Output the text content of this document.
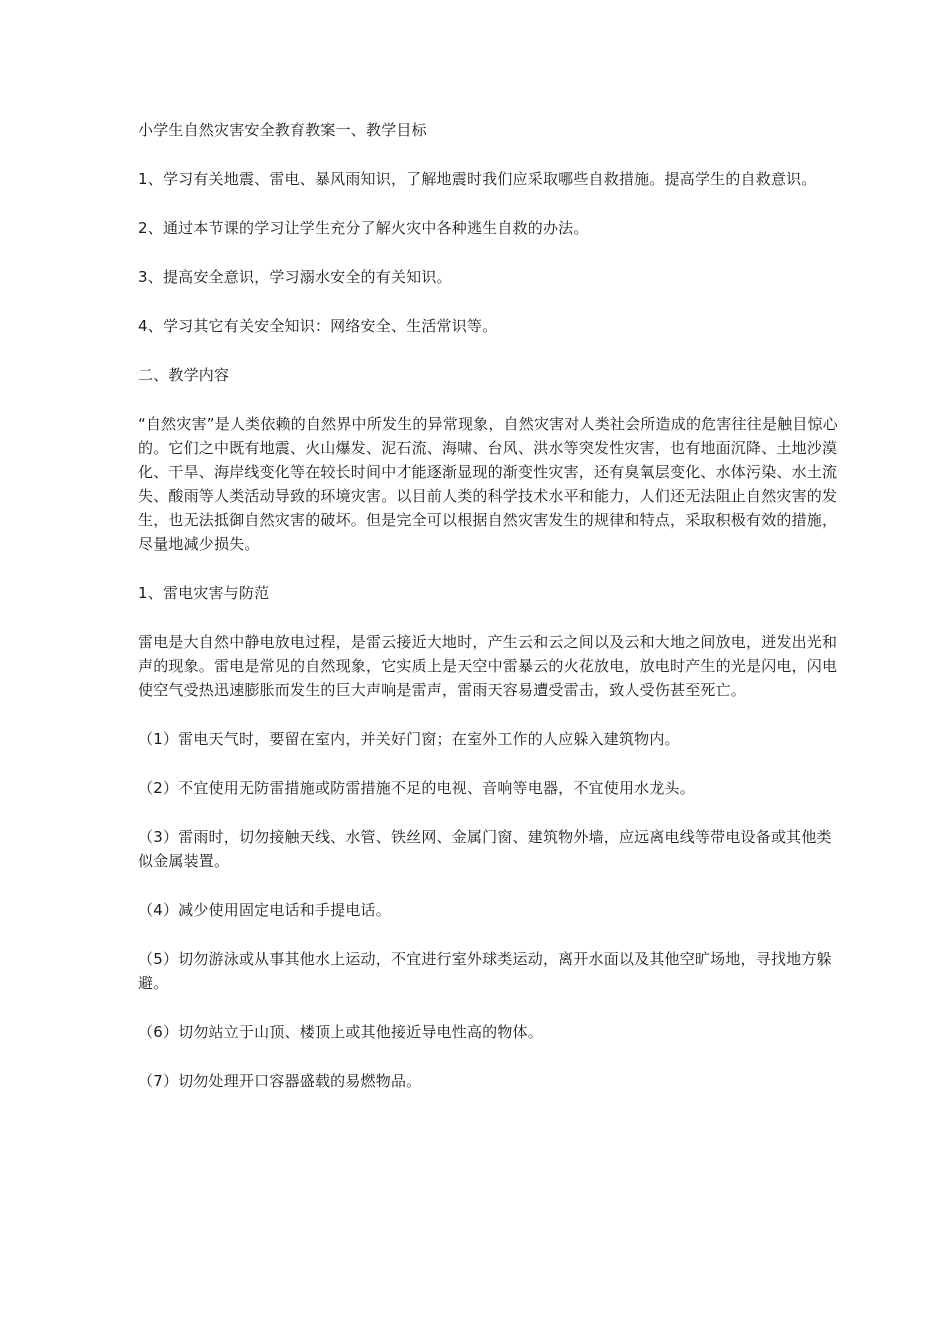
小学生自然灾害安全教育教案一、教学目标

1、学习有关地震、雷电、暴风雨知识，了解地震时我们应采取哪些自救措施。提高学生的自救意识。

2、通过本节课的学习让学生充分了解火灾中各种逃生自救的办法。

3、提高安全意识，学习溺水安全的有关知识。

4、学习其它有关安全知识：网络安全、生活常识等。

二、教学内容

“自然灾害”是人类依赖的自然界中所发生的异常现象，自然灾害对人类社会所造成的危害往往是触目惊心的。它们之中既有地震、火山爆发、泥石流、海啸、台风、洪水等突发性灾害，也有地面沉降、土地沙漠化、干旱、海岸线变化等在较长时间中才能逐渐显现的渐变性灾害，还有臭氧层变化、水体污染、水土流失、酸雨等人类活动导致的环境灾害。以目前人类的科学技术水平和能力，人们还无法阻止自然灾害的发生，也无法抵御自然灾害的破坏。但是完全可以根据自然灾害发生的规律和特点，采取积极有效的措施，尽量地减少损失。

1、雷电灾害与防范

雷电是大自然中静电放电过程，是雷云接近大地时，产生云和云之间以及云和大地之间放电，迸发出光和声的现象。雷电是常见的自然现象，它实质上是天空中雷暴云的火花放电，放电时产生的光是闪电，闪电使空气受热迅速膨胀而发生的巨大声响是雷声，雷雨天容易遭受雷击，致人受伤甚至死亡。

（1）雷电天气时，要留在室内，并关好门窗；在室外工作的人应躲入建筑物内。

（2）不宜使用无防雷措施或防雷措施不足的电视、音响等电器，不宜使用水龙头。

（3）雷雨时，切勿接触天线、水管、铁丝网、金属门窗、建筑物外墙，应远离电线等带电设备或其他类似金属装置。

（4）减少使用固定电话和手提电话。

（5）切勿游泳或从事其他水上运动，不宜进行室外球类运动，离开水面以及其他空旷场地，寻找地方躲避。

（6）切勿站立于山顶、楼顶上或其他接近导电性高的物体。

（7）切勿处理开口容器盛载的易燃物品。
